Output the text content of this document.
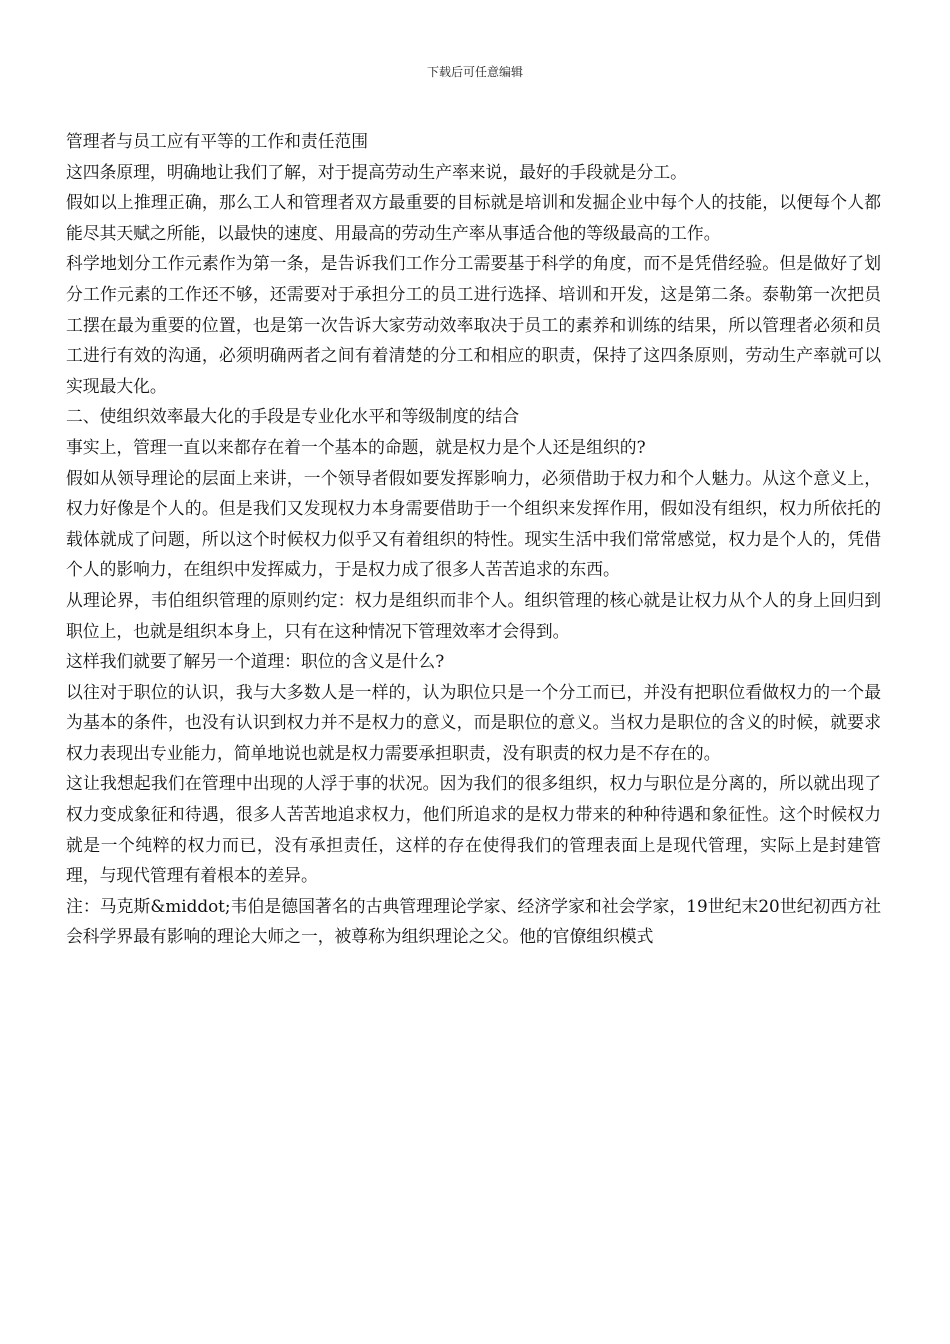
下载后可任意编辑

管理者与员工应有平等的工作和责任范围

这四条原理，明确地让我们了解，对于提高劳动生产率来说，最好的手段就是分工。

假如以上推理正确，那么工人和管理者双方最重要的目标就是培训和发掘企业中每个人的技能，以便每个人都能尽其天赋之所能，以最快的速度、用最高的劳动生产率从事适合他的等级最高的工作。

科学地划分工作元素作为第一条，是告诉我们工作分工需要基于科学的角度，而不是凭借经验。但是做好了划分工作元素的工作还不够，还需要对于承担分工的员工进行选择、培训和开发，这是第二条。泰勒第一次把员工摆在最为重要的位置，也是第一次告诉大家劳动效率取决于员工的素养和训练的结果，所以管理者必须和员工进行有效的沟通，必须明确两者之间有着清楚的分工和相应的职责，保持了这四条原则，劳动生产率就可以实现最大化。

二、使组织效率最大化的手段是专业化水平和等级制度的结合

事实上，管理一直以来都存在着一个基本的命题，就是权力是个人还是组织的?

假如从领导理论的层面上来讲，一个领导者假如要发挥影响力，必须借助于权力和个人魅力。从这个意义上，权力好像是个人的。但是我们又发现权力本身需要借助于一个组织来发挥作用，假如没有组织，权力所依托的载体就成了问题，所以这个时候权力似乎又有着组织的特性。现实生活中我们常常感觉，权力是个人的，凭借个人的影响力，在组织中发挥威力，于是权力成了很多人苦苦追求的东西。

从理论界，韦伯组织管理的原则约定：权力是组织而非个人。组织管理的核心就是让权力从个人的身上回归到职位上，也就是组织本身上，只有在这种情况下管理效率才会得到。

这样我们就要了解另一个道理：职位的含义是什么?

以往对于职位的认识，我与大多数人是一样的，认为职位只是一个分工而已，并没有把职位看做权力的一个最为基本的条件，也没有认识到权力并不是权力的意义，而是职位的意义。当权力是职位的含义的时候，就要求权力表现出专业能力，简单地说也就是权力需要承担职责，没有职责的权力是不存在的。

这让我想起我们在管理中出现的人浮于事的状况。因为我们的很多组织，权力与职位是分离的，所以就出现了权力变成象征和待遇，很多人苦苦地追求权力，他们所追求的是权力带来的种种待遇和象征性。这个时候权力就是一个纯粹的权力而已，没有承担责任，这样的存在使得我们的管理表面上是现代管理，实际上是封建管理，与现代管理有着根本的差异。

注：马克斯&middot;韦伯是德国著名的古典管理理论学家、经济学家和社会学家，19世纪末20世纪初西方社会科学界最有影响的理论大师之一，被尊称为组织理论之父。他的官僚组织模式
